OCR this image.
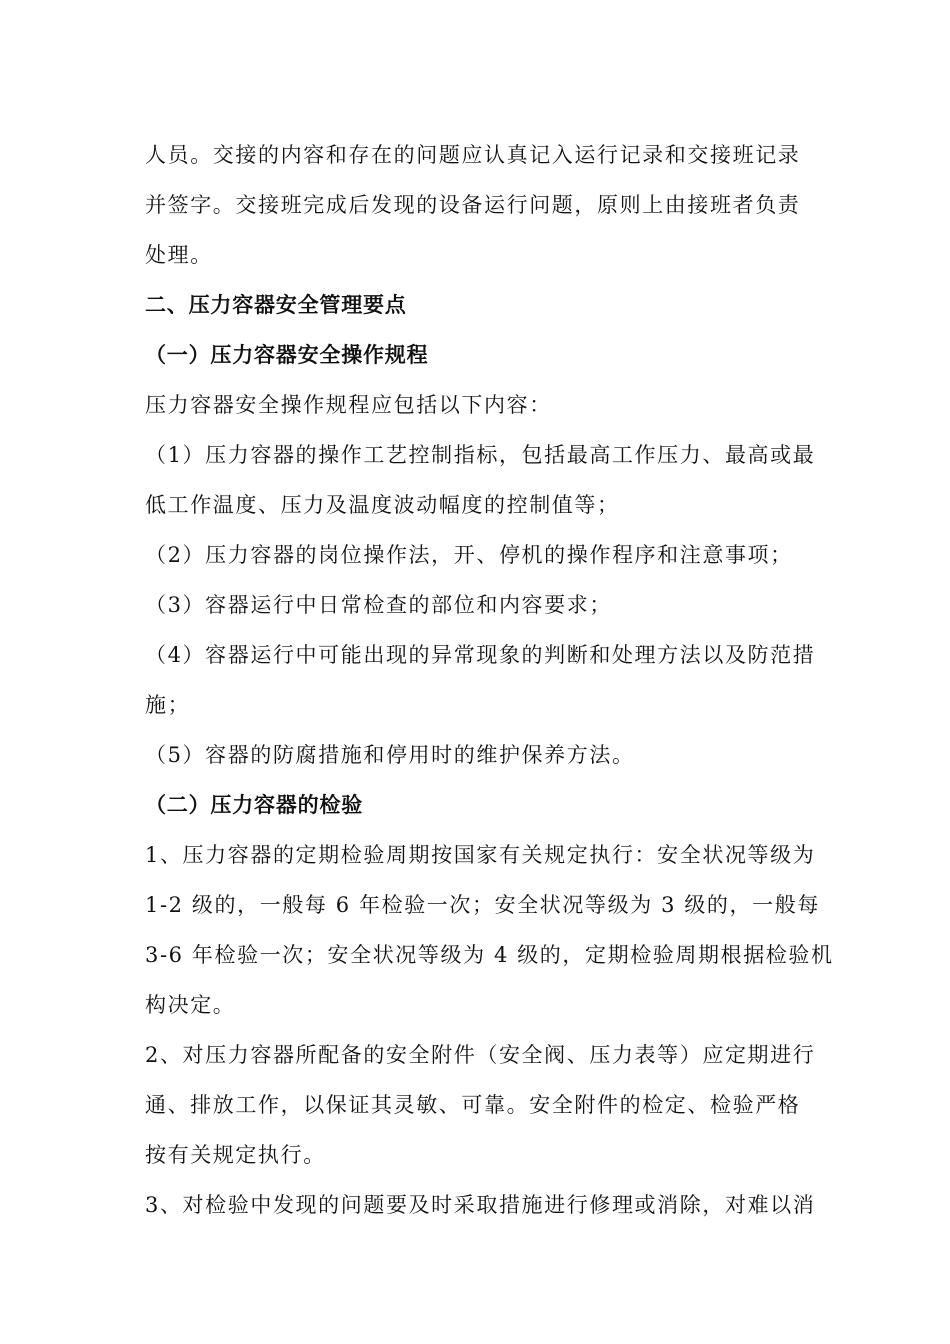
人员。交接的内容和存在的问题应认真记入运行记录和交接班记录
并签字。交接班完成后发现的设备运行问题，原则上由接班者负责
处理。
二、压力容器安全管理要点
（一）压力容器安全操作规程
压力容器安全操作规程应包括以下内容：
（1）压力容器的操作工艺控制指标，包括最高工作压力、最高或最
低工作温度、压力及温度波动幅度的控制值等；
（2）压力容器的岗位操作法，开、停机的操作程序和注意事项；
（3）容器运行中日常检查的部位和内容要求；
（4）容器运行中可能出现的异常现象的判断和处理方法以及防范措
施；
（5）容器的防腐措施和停用时的维护保养方法。
（二）压力容器的检验
1、压力容器的定期检验周期按国家有关规定执行：安全状况等级为
1-2 级的，一般每 6 年检验一次；安全状况等级为 3 级的，一般每
3-6 年检验一次；安全状况等级为 4 级的，定期检验周期根据检验机
构决定。
2、对压力容器所配备的安全附件（安全阀、压力表等）应定期进行
通、排放工作，以保证其灵敏、可靠。安全附件的检定、检验严格
按有关规定执行。
3、对检验中发现的问题要及时采取措施进行修理或消除，对难以消
